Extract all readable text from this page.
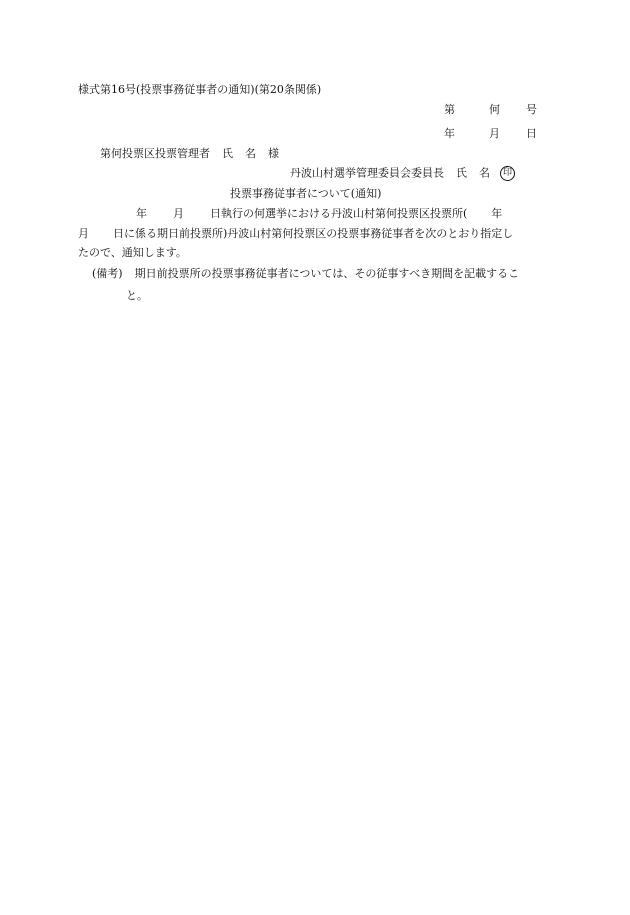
様式第16号(投票事務従事者の通知)(第20条関係)
第	何 号
年	月 日
第何投票区投票管理者 氏 名 様
丹波山村選挙管理委員会委員長 氏 名 印
投票事務従事者について(通知)
年 月 日執行の何選挙における丹波山村第何投票区投票所( 年
月 日に係る期日前投票所)丹波山村第何投票区の投票事務従事者を次のとおり指定し
たので、通知します。
(備考) 期日前投票所の投票事務従事者については、その従事すべき期間を記載するこ
と。
